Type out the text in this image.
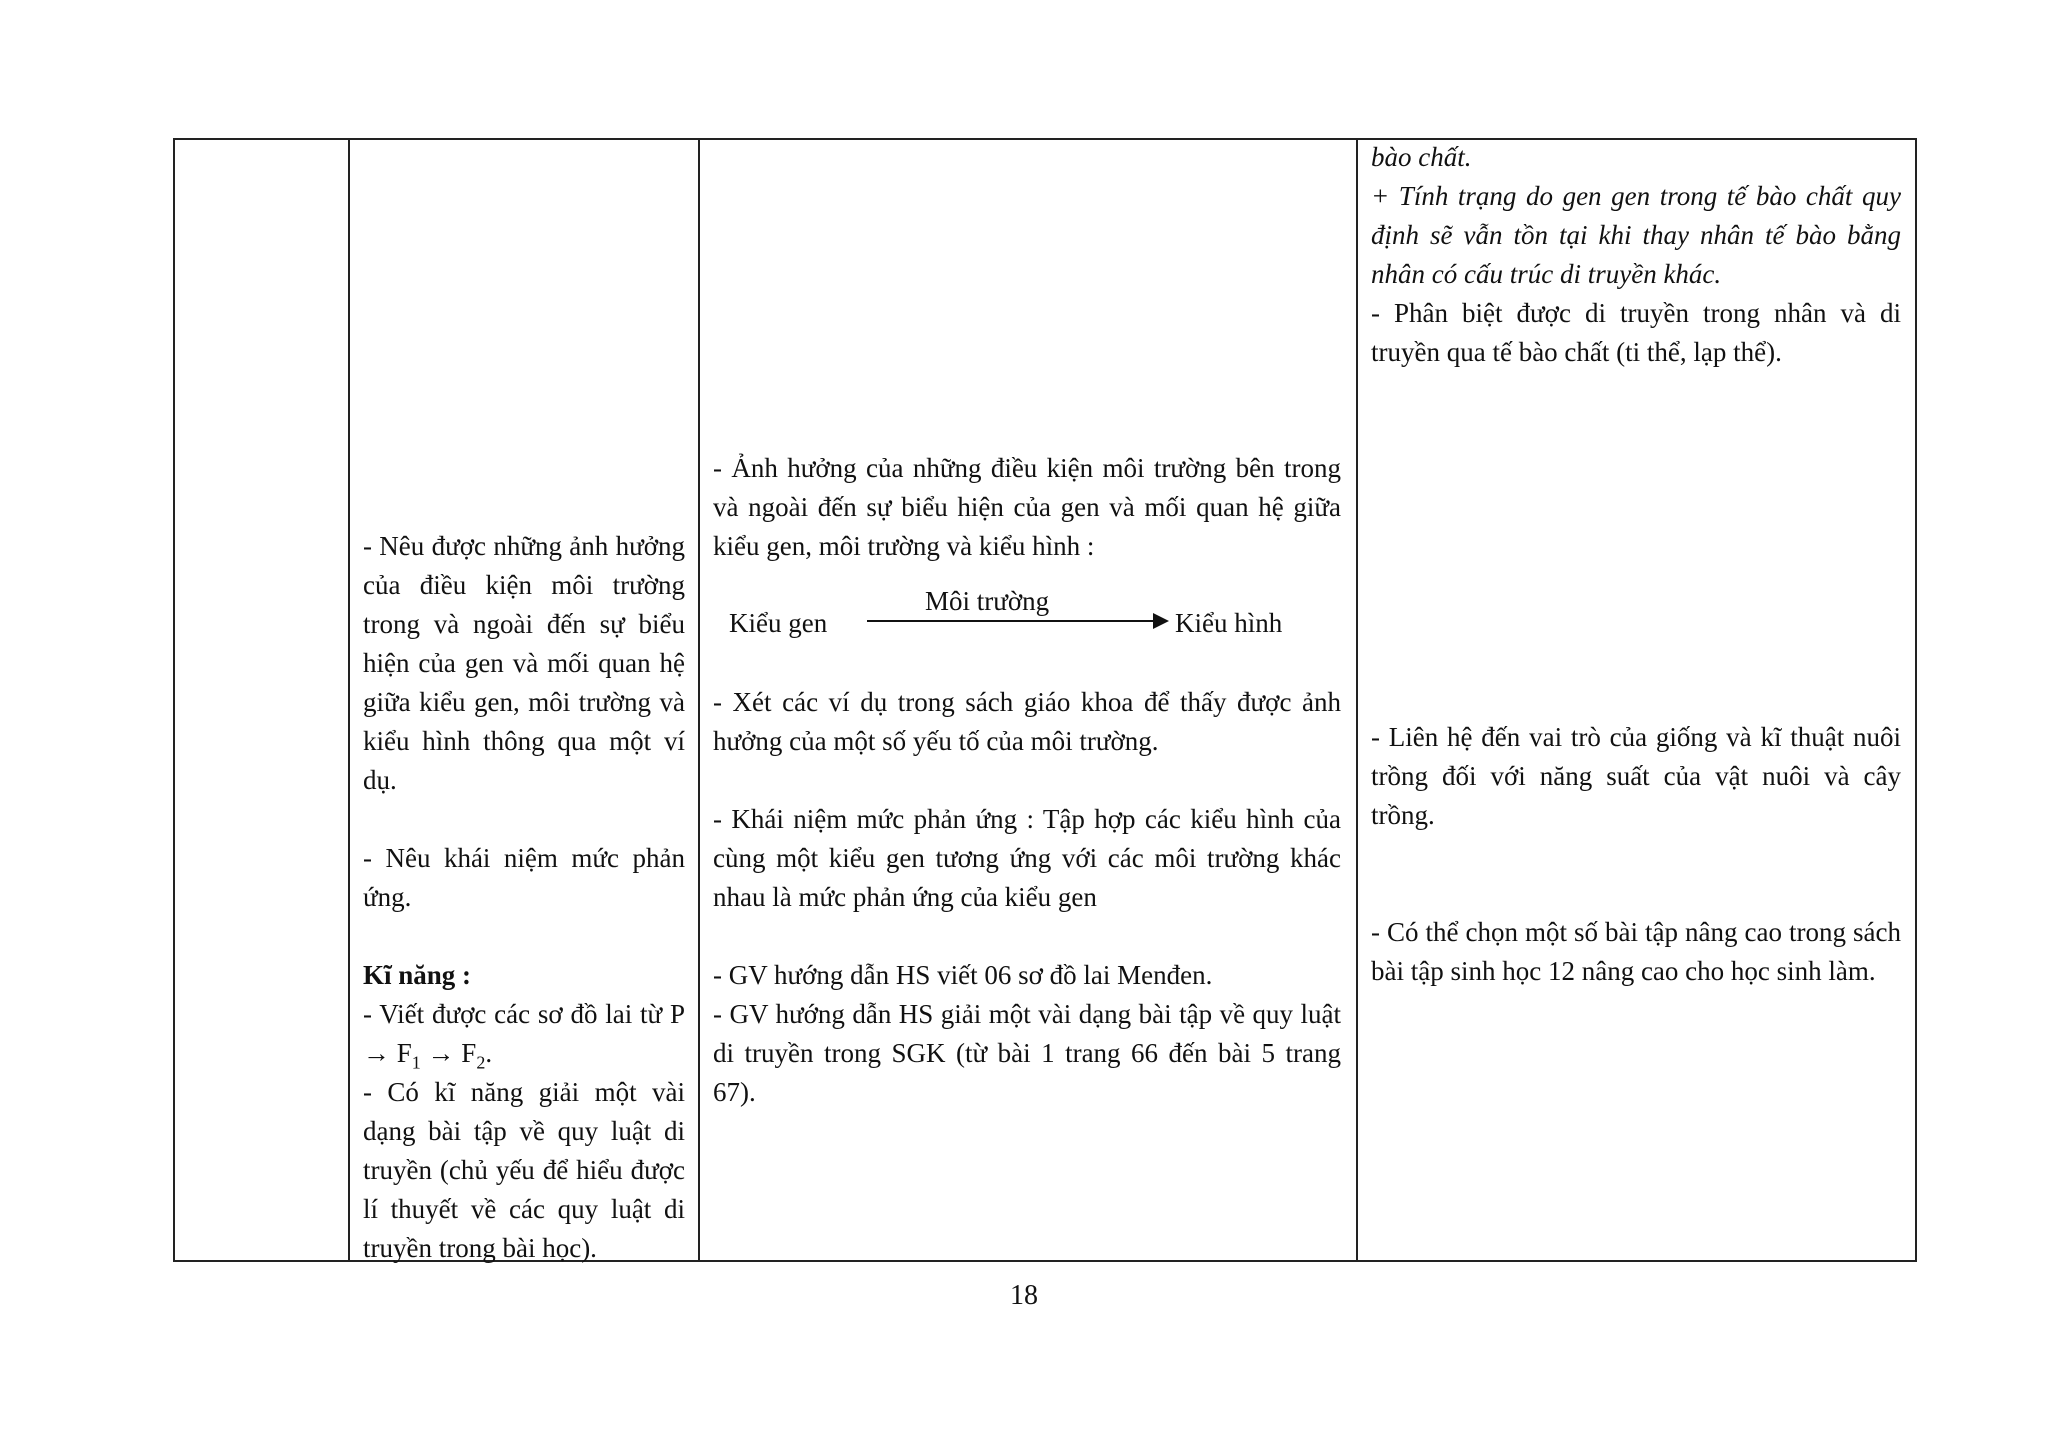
- Nêu được những ảnh hưởng của điều kiện môi trường trong và ngoài đến sự biểu hiện của gen và mối quan hệ giữa kiểu gen, môi trường và kiểu hình thông qua một ví dụ.

- Nêu khái niệm mức phản ứng.

Kĩ năng :

- Viết được các sơ đồ lai từ $P \to F_1 \to F_2$.

- Có kĩ năng giải một vài dạng bài tập về quy luật di truyền (chủ yếu để hiểu được lí thuyết về các quy luật di truyền trong bài học).

- Ảnh hưởng của những điều kiện môi trường bên trong và ngoài đến sự biểu hiện của gen và mối quan hệ giữa kiểu gen, môi trường và kiểu hình :

Kiểu gen
Môi trường
Kiểu hình

- Xét các ví dụ trong sách giáo khoa để thấy được ảnh hưởng của một số yếu tố của môi trường.

- Khái niệm mức phản ứng : Tập hợp các kiểu hình của cùng một kiểu gen tương ứng với các môi trường khác nhau là mức phản ứng của kiểu gen

- GV hướng dẫn HS viết 06 sơ đồ lai Menđen.

- GV hướng dẫn HS giải một vài dạng bài tập về quy luật di truyền trong SGK (từ bài 1 trang 66 đến bài 5 trang 67).

bào chất.

+ Tính trạng do gen gen trong tế bào chất quy định sẽ vẫn tồn tại khi thay nhân tế bào bằng nhân có cấu trúc di truyền khác.

- Phân biệt được di truyền trong nhân và di truyền qua tế bào chất (ti thể, lạp thể).

- Liên hệ đến vai trò của giống và kĩ thuật nuôi trồng đối với năng suất của vật nuôi và cây trồng.

- Có thể chọn một số bài tập nâng cao trong sách bài tập sinh học 12 nâng cao cho học sinh làm.

18
